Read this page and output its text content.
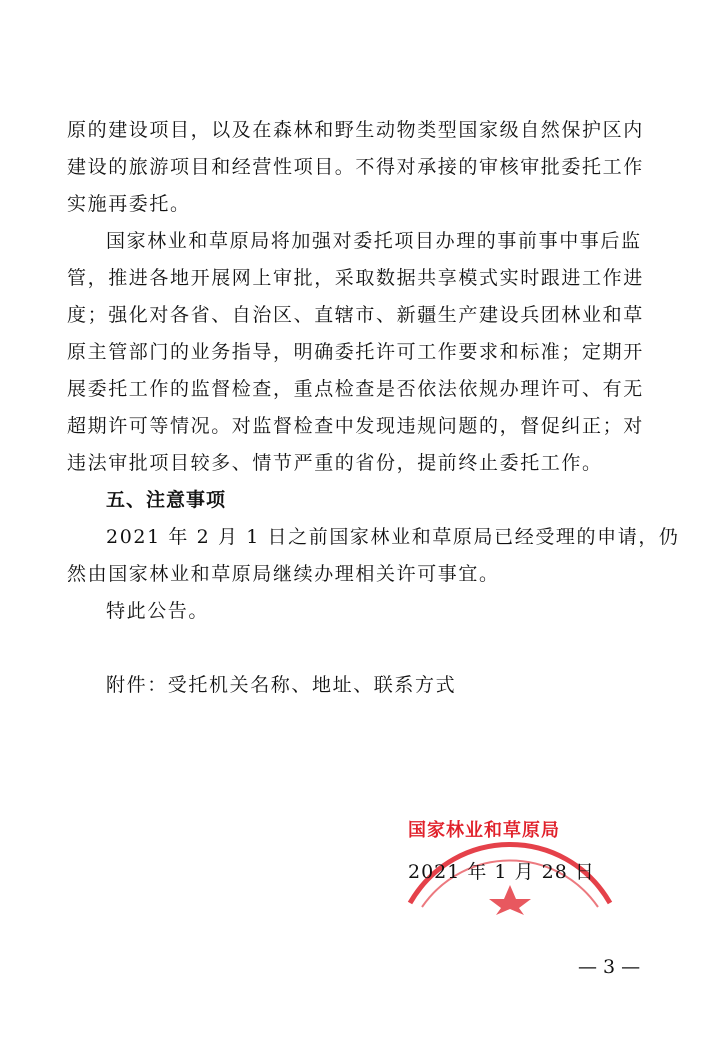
原的建设项目，以及在森林和野生动物类型国家级自然保护区内
建设的旅游项目和经营性项目。不得对承接的审核审批委托工作
实施再委托。
国家林业和草原局将加强对委托项目办理的事前事中事后监
管，推进各地开展网上审批，采取数据共享模式实时跟进工作进
度；强化对各省、自治区、直辖市、新疆生产建设兵团林业和草
原主管部门的业务指导，明确委托许可工作要求和标准；定期开
展委托工作的监督检查，重点检查是否依法依规办理许可、有无
超期许可等情况。对监督检查中发现违规问题的，督促纠正；对
违法审批项目较多、情节严重的省份，提前终止委托工作。
五、注意事项
2021 年 2 月 1 日之前国家林业和草原局已经受理的申请，仍
然由国家林业和草原局继续办理相关许可事宜。
特此公告。
附件：受托机关名称、地址、联系方式
国家林业和草原局
2021 年 1 月 28 日
— 3 —
